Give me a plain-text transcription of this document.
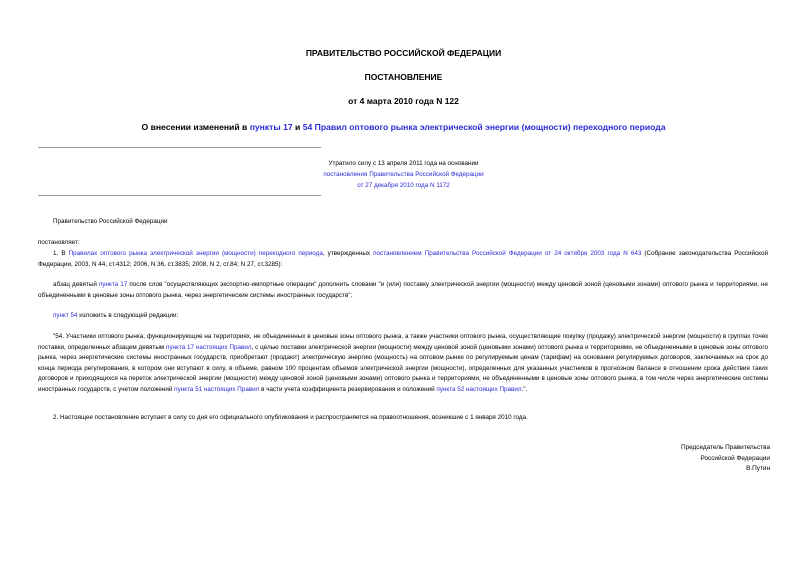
ПРАВИТЕЛЬСТВО РОССИЙСКОЙ ФЕДЕРАЦИИ
ПОСТАНОВЛЕНИЕ
от 4 марта 2010 года N 122
О внесении изменений в пункты 17 и 54 Правил оптового рынка электрической энергии (мощности) переходного периода
Утратило силу с 13 апреля 2011 года на основании
постановления Правительства Российской Федерации
от 27 декабря 2010 года N 1172
Правительство Российской Федерации
постановляет:
1. В Правилах оптового рынка электрической энергии (мощности) переходного периода, утвержденных постановлением Правительства Российской Федерации от 24 октября 2003 года N 643 (Собрание законодательства Российской Федерации, 2003, N 44, ст.4312; 2006, N 36, ст.3835; 2008, N 2, ст.84; N 27, ст.3285):
абзац девятый пункта 17 после слов "осуществляющих экспортно-импортные операции" дополнить словами "и (или) поставку электрической энергии (мощности) между ценовой зоной (ценовыми зонами) оптового рынка и территориями, не объединенными в ценовые зоны оптового рынка, через энергетические системы иностранных государств";
пункт 54 изложить в следующей редакции:
"54. Участники оптового рынка, функционирующие на территориях, не объединенных в ценовые зоны оптового рынка, а также участники оптового рынка, осуществляющие покупку (продажу) электрической энергии (мощности) в группах точек поставки, определенных абзацем девятым пункта 17 настоящих Правил, с целью поставки электрической энергии (мощности) между ценовой зоной (ценовыми зонами) оптового рынка и территориями, не объединенными в ценовые зоны оптового рынка, через энергетические системы иностранных государств, приобретают (продают) электрическую энергию (мощность) на оптовом рынке по регулируемым ценам (тарифам) на основании регулируемых договоров, заключаемых на срок до конца периода регулирования, в котором они вступают в силу, в объеме, равном 100 процентам объемов электрической энергии (мощности), определенных для указанных участников в прогнозном балансе в отношении срока действия таких договоров и приходящихся на переток электрической энергии (мощности) между ценовой зоной (ценовыми зонами) оптового рынка и территориями, не объединенными в ценовые зоны оптового рынка, в том числе через энергетические системы иностранных государств, с учетом положений пункта 51 настоящих Правил в части учета коэффициента резервирования и положений пункта 52 настоящих Правил.".
2. Настоящее постановление вступает в силу со дня его официального опубликования и распространяется на правоотношения, возникшие с 1 января 2010 года.
Председатель Правительства
Российской Федерации
В.Путин
